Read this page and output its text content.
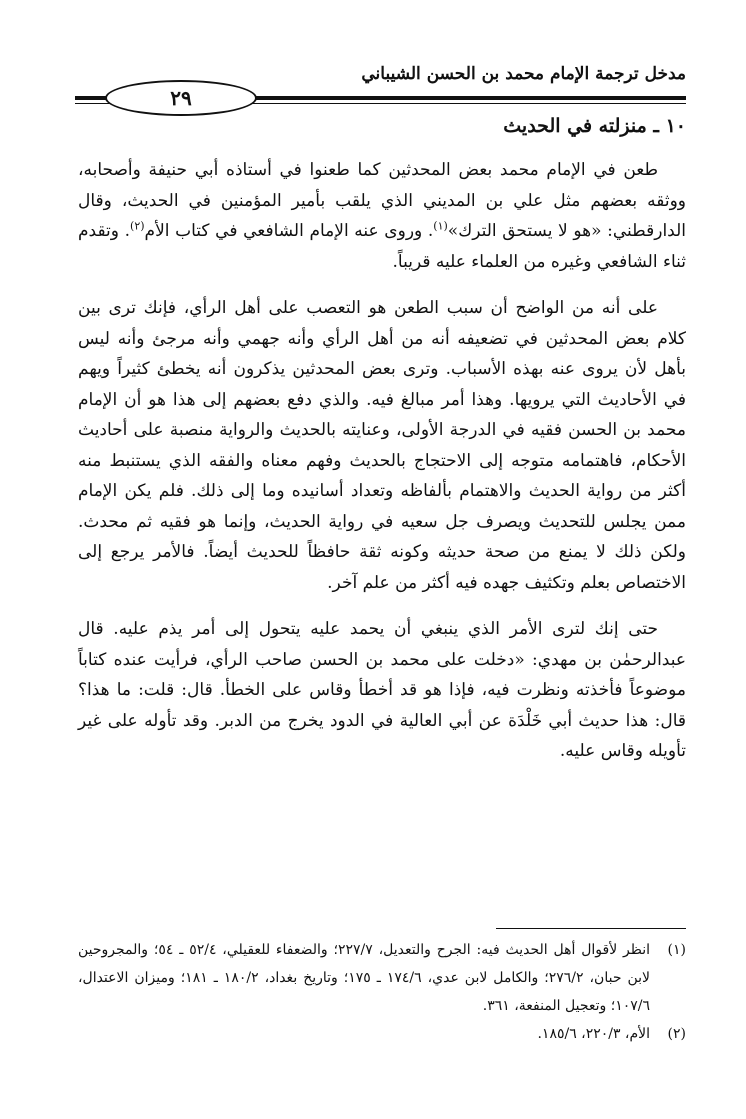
مدخل ترجمة الإمام محمد بن الحسن الشيباني
٢٩
١٠ ـ منزلته في الحديث

طعن في الإمام محمد بعض المحدثين كما طعنوا في أستاذه أبي حنيفة وأصحابه، ووثقه بعضهم مثل علي بن المديني الذي يلقب بأمير المؤمنين في الحديث، وقال الدارقطني: «هو لا يستحق الترك»$^{(١)}$. وروى عنه الإمام الشافعي في كتاب الأم$^{(٢)}$. وتقدم ثناء الشافعي وغيره من العلماء عليه قريباً.

على أنه من الواضح أن سبب الطعن هو التعصب على أهل الرأي، فإنك ترى بين كلام بعض المحدثين في تضعيفه أنه من أهل الرأي وأنه جهمي وأنه مرجئ وأنه ليس بأهل لأن يروى عنه بهذه الأسباب. وترى بعض المحدثين يذكرون أنه يخطئ كثيراً ويهم في الأحاديث التي يرويها. وهذا أمر مبالغ فيه. والذي دفع بعضهم إلى هذا هو أن الإمام محمد بن الحسن فقيه في الدرجة الأولى، وعنايته بالحديث والرواية منصبة على أحاديث الأحكام، فاهتمامه متوجه إلى الاحتجاج بالحديث وفهم معناه والفقه الذي يستنبط منه أكثر من رواية الحديث والاهتمام بألفاظه وتعداد أسانيده وما إلى ذلك. فلم يكن الإمام ممن يجلس للتحديث ويصرف جل سعيه في رواية الحديث، وإنما هو فقيه ثم محدث. ولكن ذلك لا يمنع من صحة حديثه وكونه ثقة حافظاً للحديث أيضاً. فالأمر يرجع إلى الاختصاص بعلم وتكثيف جهده فيه أكثر من علم آخر.

حتى إنك لترى الأمر الذي ينبغي أن يحمد عليه يتحول إلى أمر يذم عليه. قال عبدالرحمٰن بن مهدي: «دخلت على محمد بن الحسن صاحب الرأي، فرأيت عنده كتاباً موضوعاً فأخذته ونظرت فيه، فإذا هو قد أخطأ وقاس على الخطأ. قال: قلت: ما هذا؟ قال: هذا حديث أبي خَلْدَة عن أبي العالية في الدود يخرج من الدبر. وقد تأوله على غير تأويله وقاس عليه.

(١)
انظر لأقوال أهل الحديث فيه: الجرح والتعديل، ٢٢٧/٧؛ والضعفاء للعقيلي، ٥٢/٤ ـ ٥٤؛ والمجروحين لابن حبان، ٢٧٦/٢؛ والكامل لابن عدي، ١٧٤/٦ ـ ١٧٥؛ وتاريخ بغداد، ١٨٠/٢ ـ ١٨١؛ وميزان الاعتدال، ١٠٧/٦؛ وتعجيل المنفعة، ٣٦١.
(٢)
الأم، ٢٢٠/٣، ١٨٥/٦.
